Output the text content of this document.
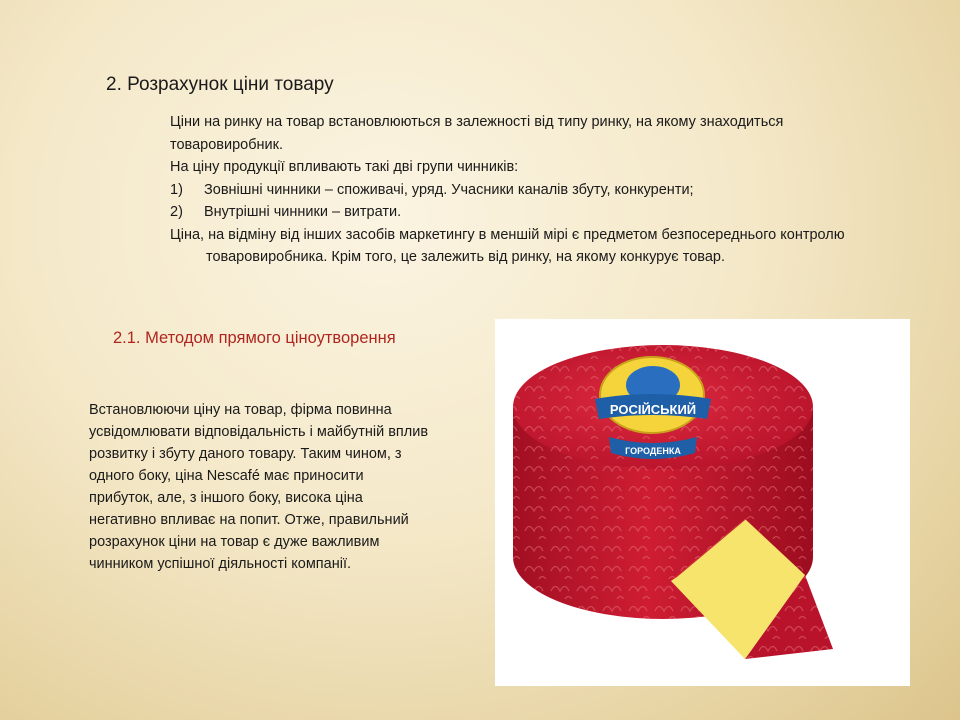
2. Розрахунок ціни товару

Ціни на ринку на товар встановлюються в залежності від типу ринку, на якому знаходиться товаровиробник.

На ціну продукції впливають такі дві групи чинників:

1)	Зовнішні чинники – споживачі, уряд. Учасники каналів збуту, конкуренти;
2)	Внутрішні чинники – витрати.

Ціна, на відміну від інших засобів маркетингу в меншій мірі є предметом безпосереднього контролю товаровиробника. Крім того, це залежить від ринку, на якому конкурує товар.

2.1. Методом прямого ціноутворення
Встановлюючи ціну на товар, фірма повинна усвідомлювати відповідальність і майбутній вплив розвитку і збуту даного товару. Таким чином, з одного боку, ціна Nescafé має приносити прибуток, але, з іншого боку, висока ціна негативно впливає на попит. Отже, правильний розрахунок ціни на товар є дуже важливим чинником успішної діяльності компанії.
РОСІЙСЬКИЙ
ГОРОДЕНКА
